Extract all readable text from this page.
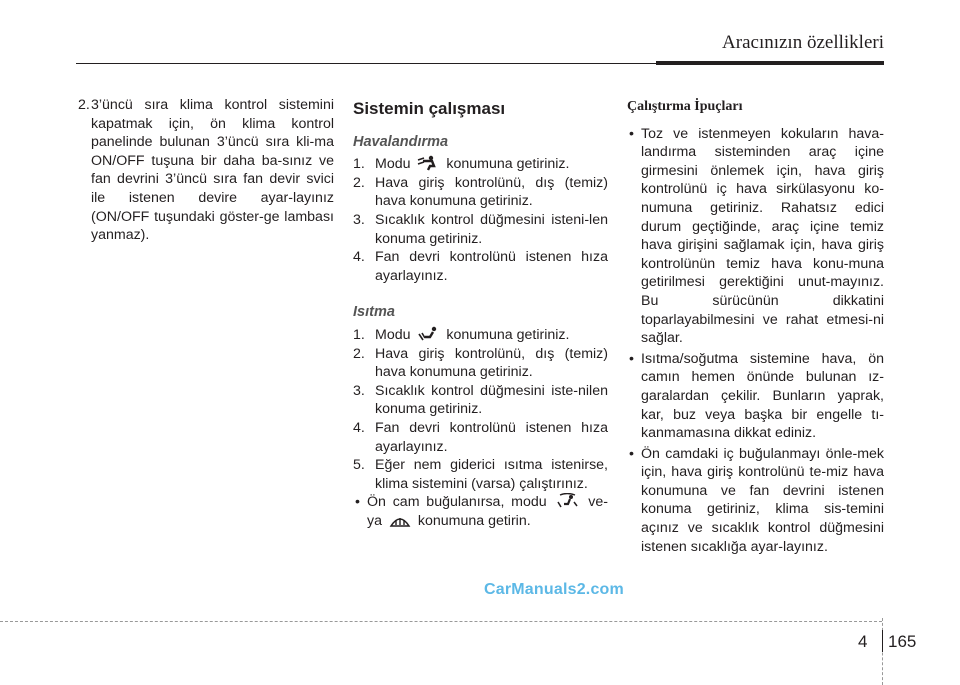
Aracınızın özellikleri
2. 3’üncü sıra klima kontrol sistemini kapatmak için, ön klima kontrol panelinde bulunan 3’üncü sıra kli-ma ON/OFF tuşuna bir daha ba-sınız ve fan devrini 3’üncü sıra fan devir svici ile istenen devire ayar-layınız (ON/OFF tuşundaki göster-ge lambası yanmaz).
Sistemin çalışması
Havalandırma
1. Modu	konumuna getiriniz.
2. Hava giriş kontrolünü, dış (temiz) hava konumuna getiriniz.
3. Sıcaklık kontrol düğmesini isteni-len konuma getiriniz.
4. Fan devri kontrolünü istenen hıza ayarlayınız.
Isıtma
1. Modu	konumuna getiriniz.
2. Hava giriş kontrolünü, dış (temiz) hava konumuna getiriniz.
3. Sıcaklık kontrol düğmesini iste-nilen konuma getiriniz.
4. Fan devri kontrolünü istenen hıza ayarlayınız.
5. Eğer nem giderici ısıtma istenirse, klima sistemini (varsa) çalıştırınız.
• Ön cam buğulanırsa, modu	ve-ya	konumuna getirin.
Çalıştırma İpuçları
• Toz ve istenmeyen kokuların hava-landırma sisteminden araç içine girmesini önlemek için, hava giriş kontrolünü iç hava sirkülasyonu ko-numuna getiriniz. Rahatsız edici durum geçtiğinde, araç içine temiz hava girişini sağlamak için, hava giriş kontrolünün temiz hava konu-muna getirilmesi gerektiğini unut-mayınız. Bu sürücünün dikkatini toparlayabilmesini ve rahat etmesi-ni sağlar.
• Isıtma/soğutma sistemine hava, ön camın hemen önünde bulunan ız-garalardan çekilir. Bunların yaprak, kar, buz veya başka bir engelle tı-kanmamasına dikkat ediniz.
• Ön camdaki iç buğulanmayı önle-mek için, hava giriş kontrolünü te-miz hava konumuna ve fan devrini istenen konuma getiriniz, klima sis-temini açınız ve sıcaklık kontrol düğmesini istenen sıcaklığa ayar-layınız.
CarManuals2.com
4 165
